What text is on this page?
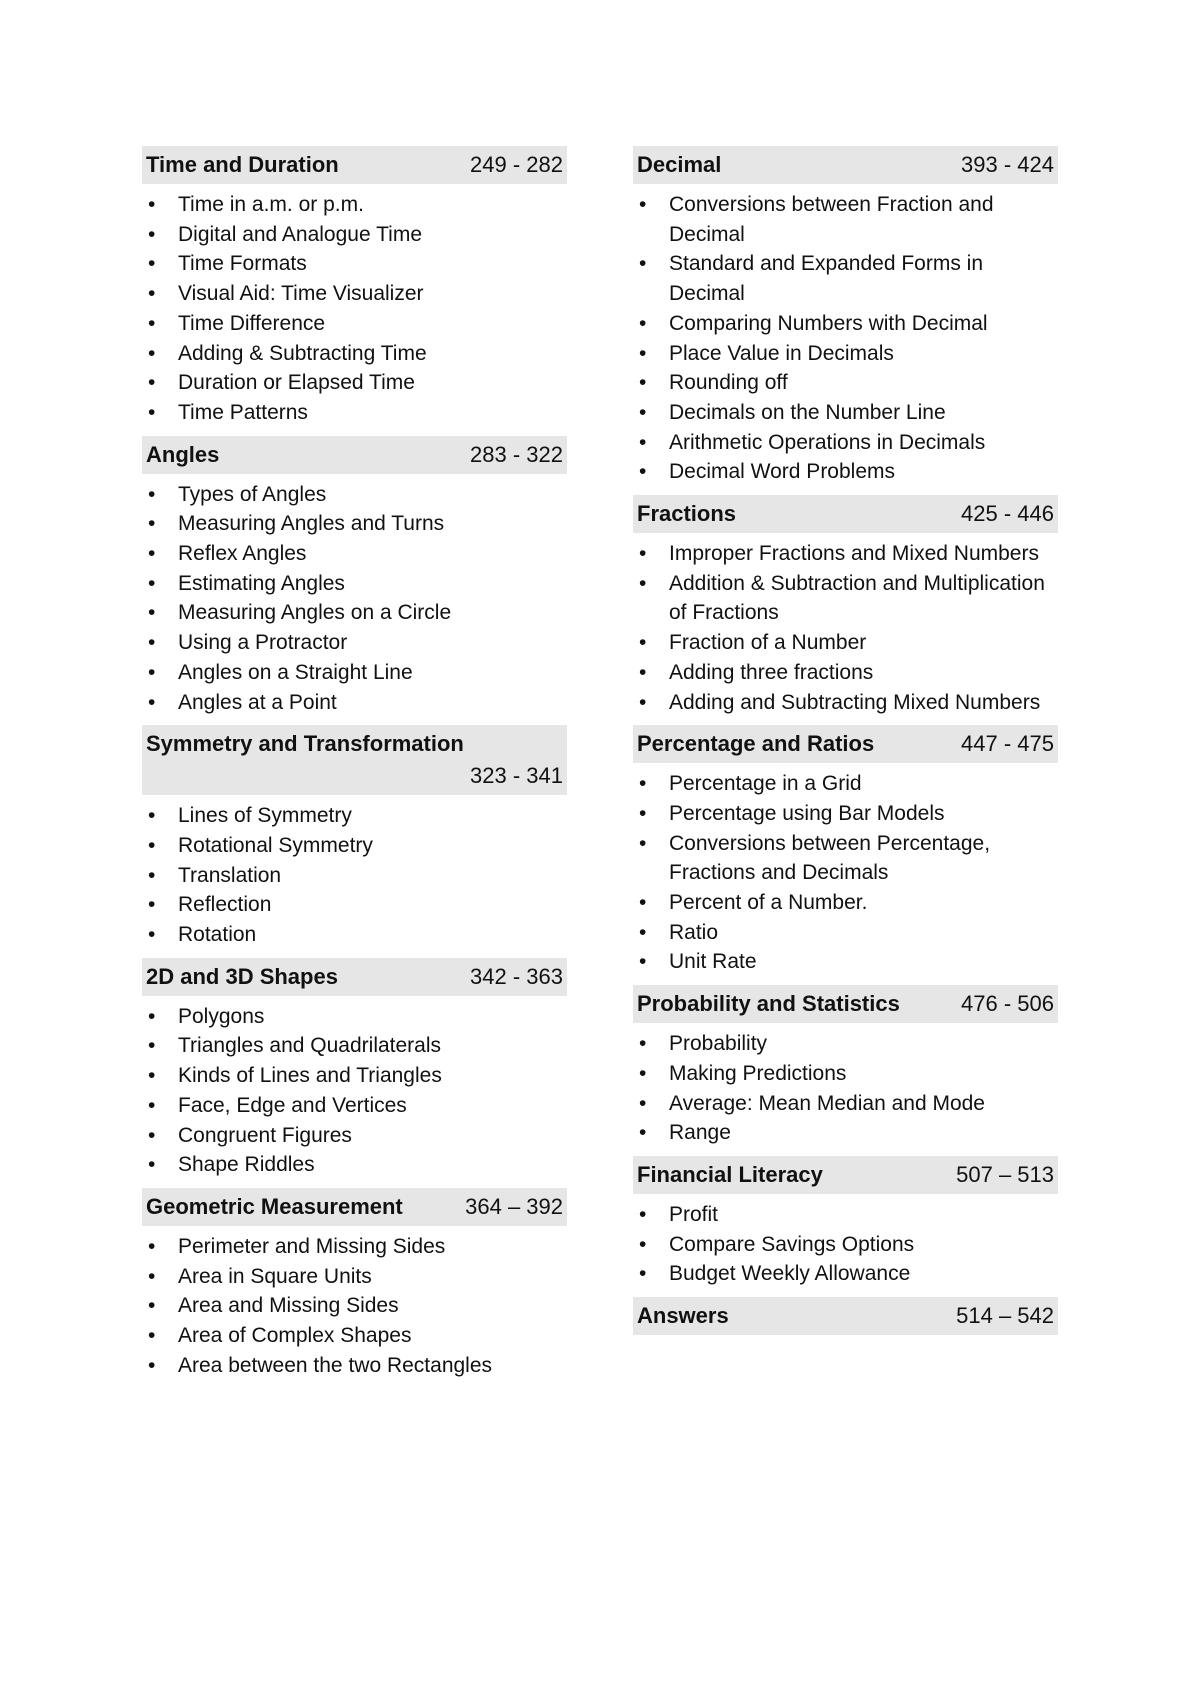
Time and Duration	249 - 282
• Time in a.m. or p.m.
• Digital and Analogue Time
• Time Formats
• Visual Aid: Time Visualizer
• Time Difference
• Adding & Subtracting Time
• Duration or Elapsed Time
• Time Patterns
Angles	283 - 322
• Types of Angles
• Measuring Angles and Turns
• Reflex Angles
• Estimating Angles
• Measuring Angles on a Circle
• Using a Protractor
• Angles on a Straight Line
• Angles at a Point
Symmetry and Transformation
323 - 341
• Lines of Symmetry
• Rotational Symmetry
• Translation
• Reflection
• Rotation
2D and 3D Shapes	342 - 363
• Polygons
• Triangles and Quadrilaterals
• Kinds of Lines and Triangles
• Face, Edge and Vertices
• Congruent Figures
• Shape Riddles
Geometric Measurement	364 – 392
• Perimeter and Missing Sides
• Area in Square Units
• Area and Missing Sides
• Area of Complex Shapes
• Area between the two Rectangles
Decimal	393 - 424
• Conversions between Fraction and Decimal
• Standard and Expanded Forms in Decimal
• Comparing Numbers with Decimal
• Place Value in Decimals
• Rounding off
• Decimals on the Number Line
• Arithmetic Operations in Decimals
• Decimal Word Problems
Fractions	425 - 446
• Improper Fractions and Mixed Numbers
• Addition & Subtraction and Multiplication of Fractions
• Fraction of a Number
• Adding three fractions
• Adding and Subtracting Mixed Numbers
Percentage and Ratios	447 - 475
• Percentage in a Grid
• Percentage using Bar Models
• Conversions between Percentage, Fractions and Decimals
• Percent of a Number.
• Ratio
• Unit Rate
Probability and Statistics	476 - 506
• Probability
• Making Predictions
• Average: Mean Median and Mode
• Range
Financial Literacy	507 – 513
• Profit
• Compare Savings Options
• Budget Weekly Allowance
Answers	514 – 542
